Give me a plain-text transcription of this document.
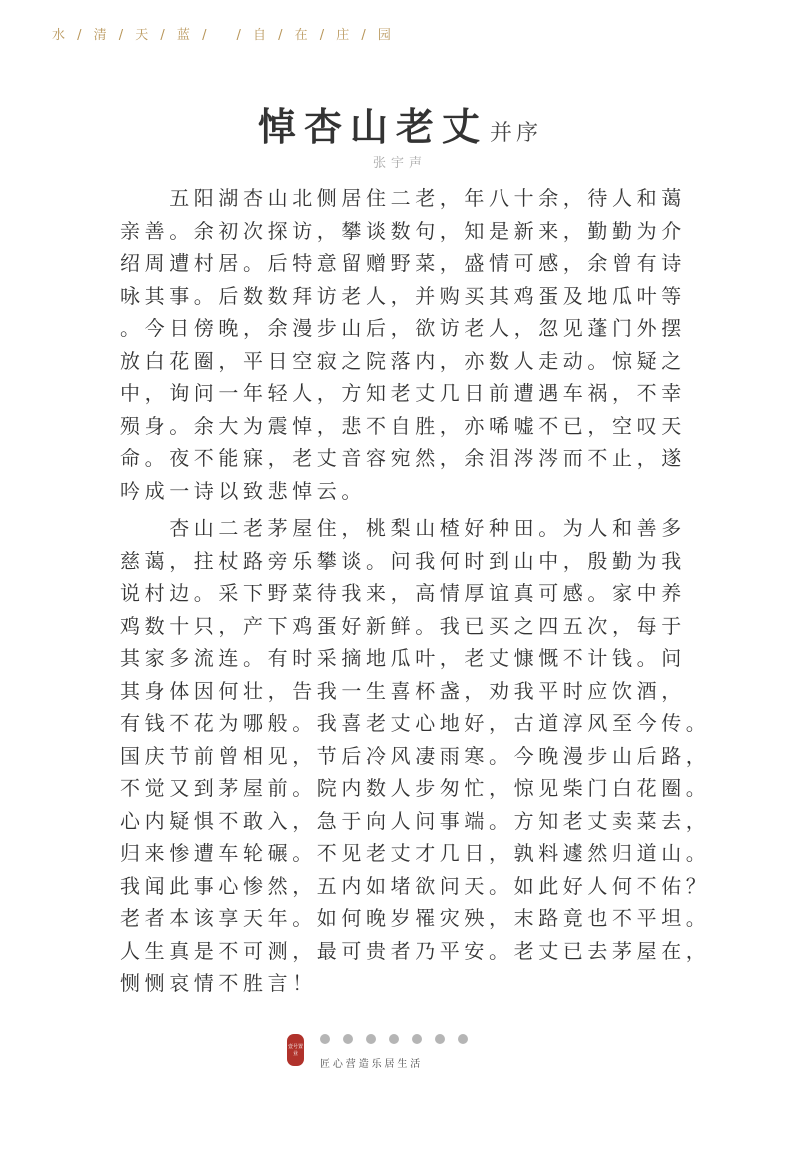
水 / 清 / 天 / 蓝 / / 自 / 在 / 庄 / 园
悼杏山老丈并序
张宇声
　　五阳湖杏山北侧居住二老，年八十余，待人和蔼
亲善。余初次探访，攀谈数句，知是新来，勤勤为介
绍周遭村居。后特意留赠野菜，盛情可感，余曾有诗
咏其事。后数数拜访老人，并购买其鸡蛋及地瓜叶等
。今日傍晚，余漫步山后，欲访老人，忽见蓬门外摆
放白花圈，平日空寂之院落内，亦数人走动。惊疑之
中，询问一年轻人，方知老丈几日前遭遇车祸，不幸
殒身。余大为震悼，悲不自胜，亦唏嘘不已，空叹天
命。夜不能寐，老丈音容宛然，余泪涔涔而不止，遂
吟成一诗以致悲悼云。
　　杏山二老茅屋住，桃梨山楂好种田。为人和善多
慈蔼，拄杖路旁乐攀谈。问我何时到山中，殷勤为我
说村边。采下野菜待我来，高情厚谊真可感。家中养
鸡数十只，产下鸡蛋好新鲜。我已买之四五次，每于
其家多流连。有时采摘地瓜叶，老丈慷慨不计钱。问
其身体因何壮，告我一生喜杯盏，劝我平时应饮酒，
有钱不花为哪般。我喜老丈心地好，古道淳风至今传。
国庆节前曾相见，节后冷风凄雨寒。今晚漫步山后路，
不觉又到茅屋前。院内数人步匆忙，惊见柴门白花圈。
心内疑惧不敢入，急于向人问事端。方知老丈卖菜去，
归来惨遭车轮碾。不见老丈才几日，孰料遽然归道山。
我闻此事心惨然，五内如堵欲问天。如此好人何不佑？
老者本该享天年。如何晚岁罹灾殃，末路竟也不平坦。
人生真是不可测，最可贵者乃平安。老丈已去茅屋在，
恻恻哀情不胜言！
壹号置业
匠心营造乐居生活
